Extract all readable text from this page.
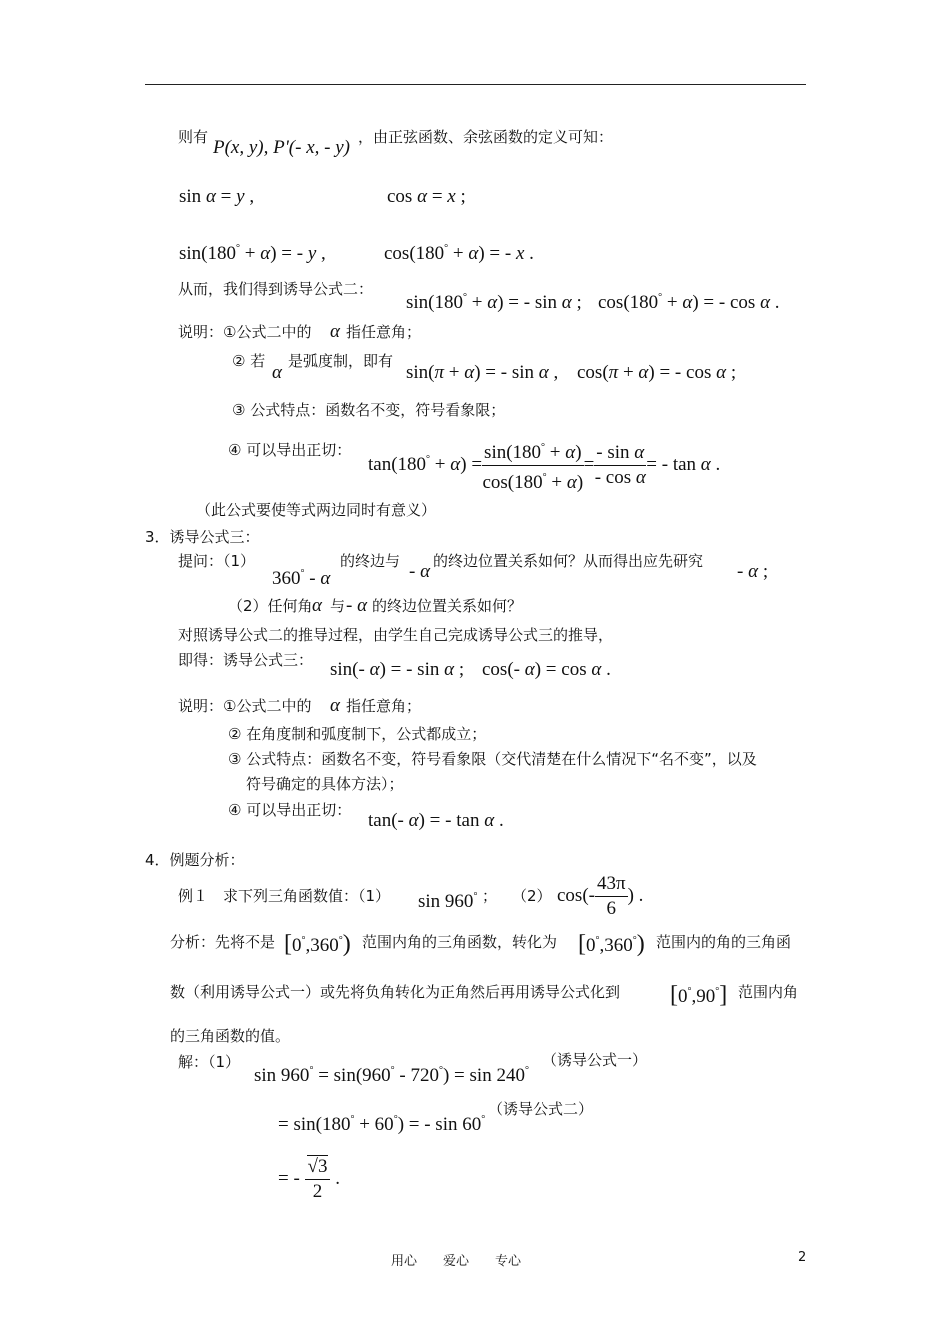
则有 P(x, y), P'(- x, - y) ，由正弦函数、余弦函数的定义可知：
sin α = y ,	cos α = x ;
sin(180° + α) = - y ,	cos(180° + α) = - x .
从而，我们得到诱导公式二：
sin(180° + α) = - sin α ; cos(180° + α) = - cos α .
说明：①公式二中的 α 指任意角；
② 若
α
是弧度制，即有
sin(π + α) = - sin α , cos(π + α) = - cos α ;
③ 公式特点：函数名不变，符号看象限；
④ 可以导出正切：
$\tan(180^\circ + \alpha) = \frac{\sin(180^\circ + \alpha)}{\cos(180^\circ + \alpha)} = \frac{\text{- sin α}}{\text{- cos α}}$ = - tan α .
（此公式要使等式两边同时有意义）
3．诱导公式三：
提问：（1）
360° - α
的终边与 - α 的终边位置关系如何？从而得出应先研究 - α ;
（2）任何角 α 与 - α 的终边位置关系如何？
对照诱导公式二的推导过程，由学生自己完成诱导公式三的推导，
即得：诱导公式三： sin(- α) = - sin α ; cos(- α) = cos α .
说明：①公式二中的 α 指任意角；
② 在角度制和弧度制下，公式都成立；
③ 公式特点：函数名不变，符号看象限（交代清楚在什么情况下“名不变”，以及
符号确定的具体方法）；
④ 可以导出正切： tan(- α) = - tan α .
4．例题分析：
例１　求下列三角函数值：（1） sin 960° ；　　（2） $\cos(- \frac{43\pi}{6}$ ) .
分析：先将不是 [0°,360°) 范围内角的三角函数，转化为 [0°,360°) 范围内的角的三角函
数（利用诱导公式一）或先将负角转化为正角然后再用诱导公式化到 [0°,90°] 范围内角
的三角函数的值。
解：（1）
sin 960° = sin(960° - 720°) = sin 240°
（诱导公式一）
= sin(180° + 60°) = - sin 60°
（诱导公式二）
= - $\frac{√3}{2}$ .
用心　　爱心　　专心	2
